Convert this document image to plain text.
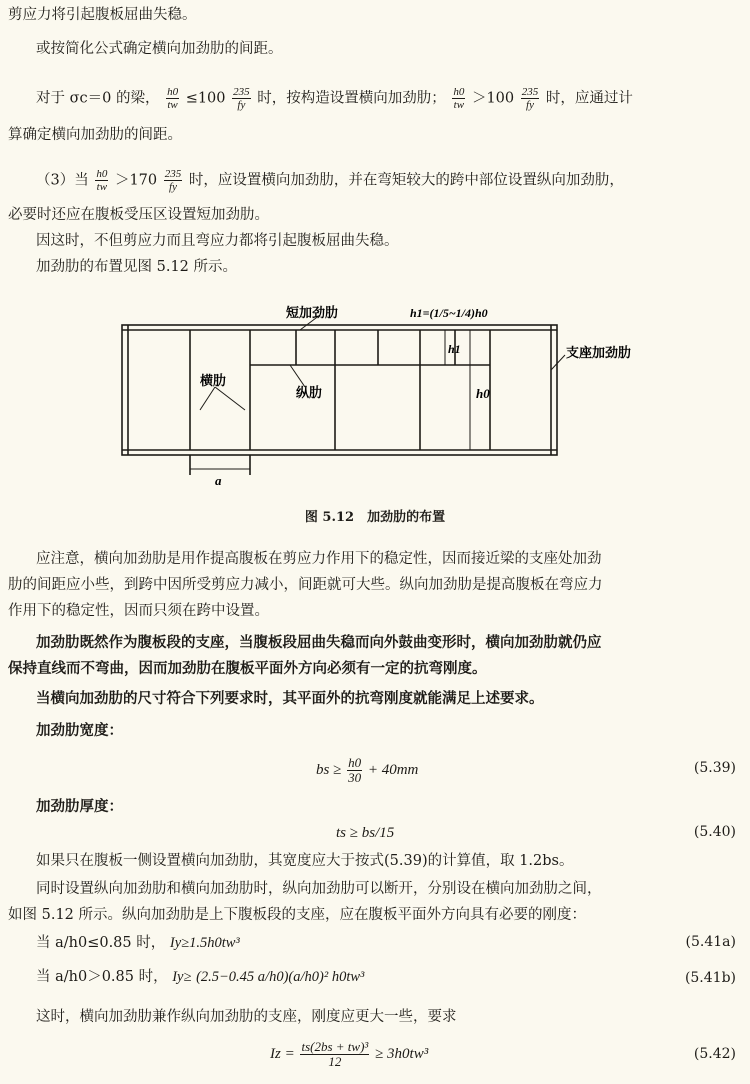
剪应力将引起腹板屈曲失稳。
或按简化公式确定横向加劲肋的间距。
对于 σc＝0 的梁， $\frac{h0}{tw} \le 100 \frac{235}{fy}$ 时，按构造设置横向加劲肋； $\frac{h0}{tw} >100 \frac{235}{fy}$ 时，应通过计
算确定横向加劲肋的间距。
（3）当 $\frac{h0}{tw} >170 \frac{235}{fy}$ 时，应设置横向加劲肋，并在弯矩较大的跨中部位设置纵向加劲肋，
必要时还应在腹板受压区设置短加劲肋。
因这时，不但剪应力而且弯应力都将引起腹板屈曲失稳。
加劲肋的布置见图 5.12 所示。
短加劲肋	h1=(1/5~1/4)h0
支座加劲肋
h1
横肋
纵肋	h0
a
图 5.12　加劲肋的布置
应注意，横向加劲肋是用作提高腹板在剪应力作用下的稳定性，因而接近梁的支座处加劲
肋的间距应小些，到跨中因所受剪应力减小，间距就可大些。纵向加劲肋是提高腹板在弯应力
作用下的稳定性，因而只须在跨中设置。
加劲肋既然作为腹板段的支座，当腹板段屈曲失稳而向外鼓曲变形时，横向加劲肋就仍应
保持直线而不弯曲，因而加劲肋在腹板平面外方向必须有一定的抗弯刚度。
当横向加劲肋的尺寸符合下列要求时，其平面外的抗弯刚度就能满足上述要求。
加劲肋宽度：
bs ≥ $\frac{h0}{30} + 40mm$	(5.39)
加劲肋厚度：
ts ≥ bs/15	(5.40)
如果只在腹板一侧设置横向加劲肋，其宽度应大于按式(5.39)的计算值，取 1.2bs。
同时设置纵向加劲肋和横向加劲肋时，纵向加劲肋可以断开，分别设在横向加劲肋之间，
如图 5.12 所示。纵向加劲肋是上下腹板段的支座，应在腹板平面外方向具有必要的刚度：
当 a/h0≤0.85 时， Iy≥1.5h0tw³	(5.41a)
当 a/h0＞0.85 时， Iy≥ (2.5−0.45 a/h0)(a/h0)² h0tw³	(5.41b)
这时，横向加劲肋兼作纵向加劲肋的支座，刚度应更大一些，要求
$Iz = \frac{\text{ts(2bs + tw)³}}{12} \ge 3h0tw^3$	(5.42)
